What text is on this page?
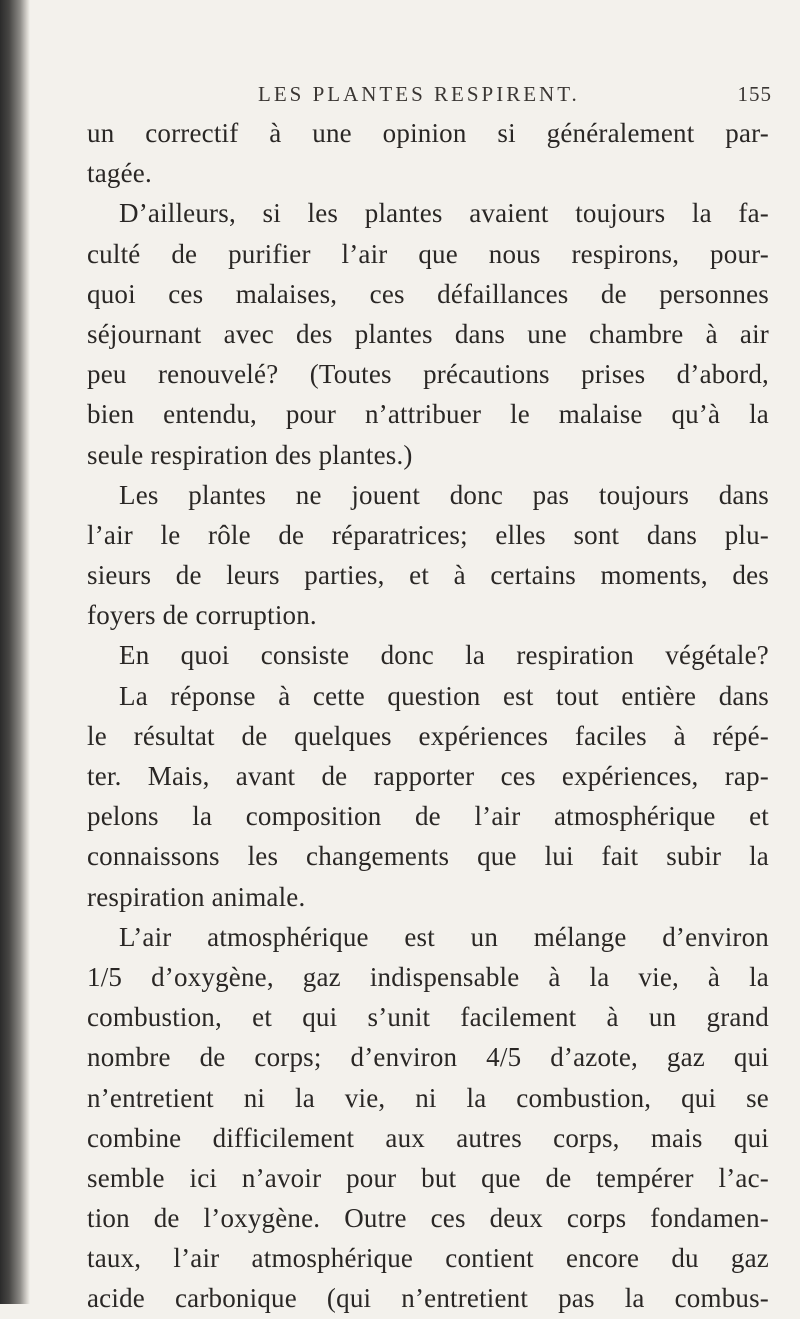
LES PLANTES RESPIRENT.	155
un correctif à une opinion si généralement par-
tagée.
D’ailleurs, si les plantes avaient toujours la fa-
culté de purifier l’air que nous respirons, pour-
quoi ces malaises, ces défaillances de personnes
séjournant avec des plantes dans une chambre à air
peu renouvelé? (Toutes précautions prises d’abord,
bien entendu, pour n’attribuer le malaise qu’à la
seule respiration des plantes.)
Les plantes ne jouent donc pas toujours dans
l’air le rôle de réparatrices; elles sont dans plu-
sieurs de leurs parties, et à certains moments, des
foyers de corruption.
En quoi consiste donc la respiration végétale?
La réponse à cette question est tout entière dans
le résultat de quelques expériences faciles à répé-
ter. Mais, avant de rapporter ces expériences, rap-
pelons la composition de l’air atmosphérique et
connaissons les changements que lui fait subir la
respiration animale.
L’air atmosphérique est un mélange d’environ
1/5 d’oxygène, gaz indispensable à la vie, à la
combustion, et qui s’unit facilement à un grand
nombre de corps; d’environ 4/5 d’azote, gaz qui
n’entretient ni la vie, ni la combustion, qui se
combine difficilement aux autres corps, mais qui
semble ici n’avoir pour but que de tempérer l’ac-
tion de l’oxygène. Outre ces deux corps fondamen-
taux, l’air atmosphérique contient encore du gaz
acide carbonique (qui n’entretient pas la combus-
